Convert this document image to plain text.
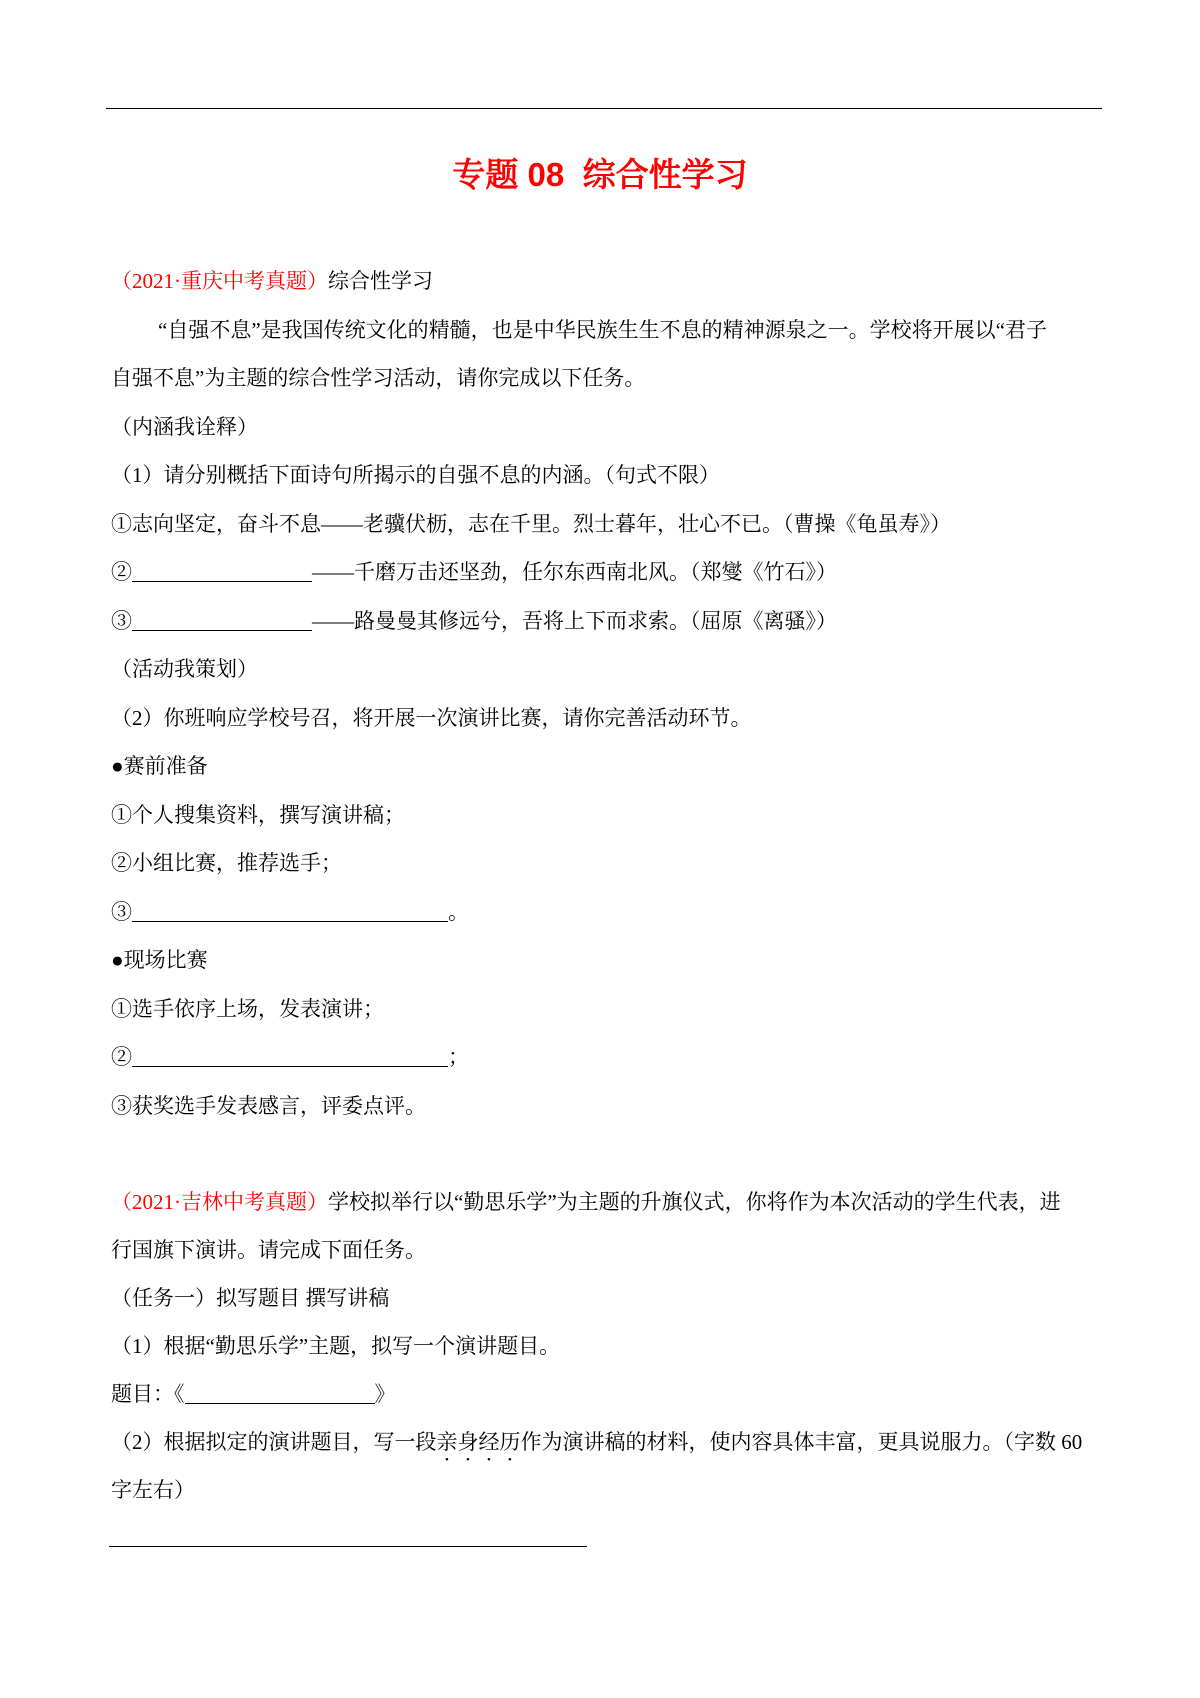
专题 08  综合性学习
（2021·重庆中考真题）综合性学习
“自强不息”是我国传统文化的精髓，也是中华民族生生不息的精神源泉之一。学校将开展以“君子
自强不息”为主题的综合性学习活动，请你完成以下任务。
（内涵我诠释）
（1）请分别概括下面诗句所揭示的自强不息的内涵。（句式不限）
①志向坚定，奋斗不息——老骥伏枥，志在千里。烈士暮年，壮心不已。（曹操《龟虽寿》）
②	——千磨万击还坚劲，任尔东西南北风。（郑燮《竹石》）
③	——路曼曼其修远兮，吾将上下而求索。（屈原《离骚》）
（活动我策划）
（2）你班响应学校号召，将开展一次演讲比赛，请你完善活动环节。
●赛前准备
①个人搜集资料，撰写演讲稿；
②小组比赛，推荐选手；
③	。
●现场比赛
①选手依序上场，发表演讲；
②	；
③获奖选手发表感言，评委点评。
（2021·吉林中考真题）学校拟举行以“勤思乐学”为主题的升旗仪式，你将作为本次活动的学生代表，进
行国旗下演讲。请完成下面任务。
（任务一）拟写题目 撰写讲稿
（1）根据“勤思乐学”主题，拟写一个演讲题目。
题目：《	》
（2）根据拟定的演讲题目，写一段亲身经历作为演讲稿的材料，使内容具体丰富，更具说服力。（字数 60
字左右）
